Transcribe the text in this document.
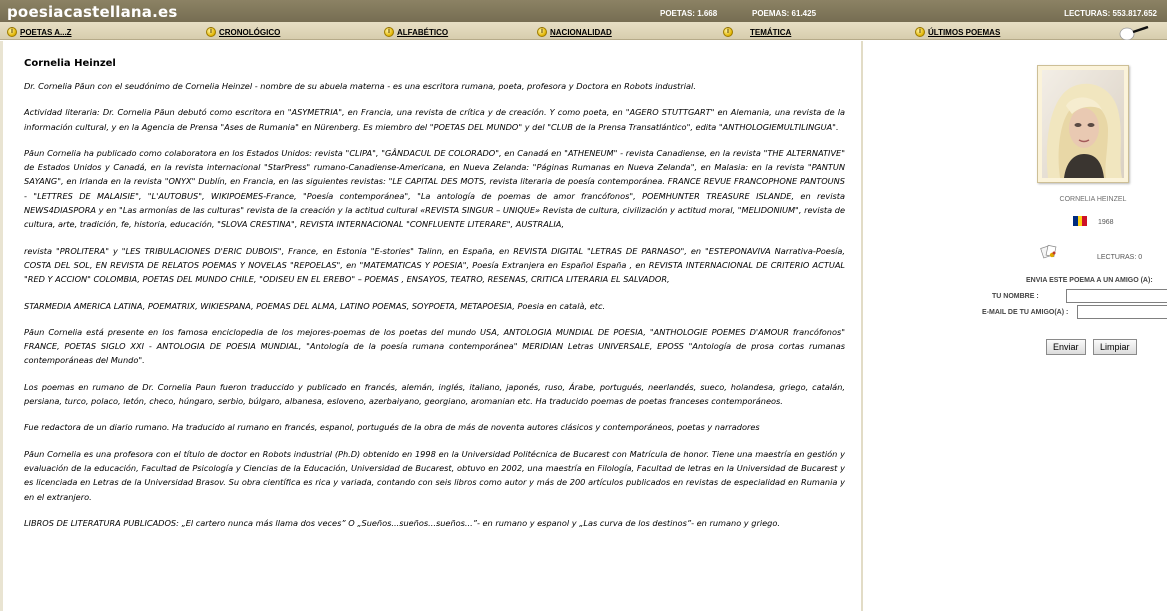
poesiacastellana.es	POETAS: 1.668	POEMAS: 61.425	LECTURAS: 553.817.652
i POETAS A...Z	i CRONOLÓGICO	i ALFABÉTICO	i NACIONALIDAD	i	TEMÁTICA	i ÚLTIMOS POEMAS
Cornelia Heinzel

Dr. Cornelia Păun con el seudónimo de Cornelia Heinzel - nombre de su abuela materna - es una escritora rumana, poeta, profesora y Doctora en Robots industrial.

Actividad literaria: Dr. Cornelia Păun debutó como escritora en "ASYMETRIA", en Francia, una revista de crítica y de creación. Y como poeta, en "AGERO STUTTGART" en Alemania, una revista de la información cultural, y en la Agencia de Prensa "Ases de Rumania" en Nürenberg. Es miembro del "POETAS DEL MUNDO" y del "CLUB de la Prensa Transatlántico", edita "ANTHOLOGIEMULTILINGUA".

Păun Cornelia ha publicado como colaboratora en los Estados Unidos: revista "CLIPA", "GÂNDACUL DE COLORADO", en Canadá en "ATHENEUM" - revista Canadiense, en la revista "THE ALTERNATIVE" de Estados Unidos y Canadá, en la revista internacional "StarPress" rumano-Canadiense-Americana, en Nueva Zelanda: "Páginas Rumanas en Nueva Zelanda", en Malasia: en la revista "PANTUN SAYANG", en Irlanda en la revista "ONYX" Dublín, en Francia, en las siguientes revistas: "LE CAPITAL DES MOTS, revista literaria de poesía contemporánea. FRANCE REVUE FRANCOPHONE PANTOUNS - "LETTRES DE MALAISIE", "L'AUTOBUS", WIKIPOEMES-France, "Poesía contemporánea", "La antología de poemas de amor francófonos", POEMHUNTER TREASURE ISLANDE, en revista NEWS4DIASPORA y en "Las armonías de las culturas" revista de la creación y la actitud cultural «REVISTA SINGUR – UNIQUE» Revista de cultura, civilización y actitud moral, "MELIDONIUM", revista de cultura, arte, tradición, fe, historia, educación, "SLOVA CRESTINA", REVISTA INTERNACIONAL "CONFLUENTE LITERARE", AUSTRALIA,

revista "PROLITERA" y "LES TRIBULACIONES D'ERIC DUBOIS", France, en Estonia "E-stories" Talinn, en España, en REVISTA DIGITAL "LETRAS DE PARNASO", en "ESTEPONAVIVA Narrativa-Poesía, COSTA DEL SOL, EN REVISTA DE RELATOS POEMAS Y NOVELAS "REPOELAS", en "MATEMATICAS Y POESIA", Poesía Extranjera en Español España , en REVISTA INTERNACIONAL DE CRITERIO ACTUAL "RED Y ACCION" COLOMBIA, POETAS DEL MUNDO CHILE, "ODISEU EN EL EREBO" – POEMAS , ENSAYOS, TEATRO, RESENAS, CRITICA LITERARIA EL SALVADOR,

STARMEDIA AMERICA LATINA, POEMATRIX, WIKIESPANA, POEMAS DEL ALMA, LATINO POEMAS, SOYPOETA, METAPOESIA, Poesia en català, etc.

Păun Cornelia está presente en los famosa enciclopedia de los mejores-poemas de los poetas del mundo USA, ANTOLOGIA MUNDIAL DE POESIA, "ANTHOLOGIE POEMES D'AMOUR francófonos" FRANCE, POETAS SIGLO XXI - ANTOLOGIA DE POESIA MUNDIAL, "Antología de la poesía rumana contemporánea" MERIDIAN Letras UNIVERSALE, EPOSS "Antología de prosa cortas rumanas contemporáneas del Mundo".

Los poemas en rumano de Dr. Cornelia Paun fueron traduccido y publicado en francés, alemán, inglés, italiano, japonés, ruso, Árabe, portugués, neerlandés, sueco, holandesa, griego, catalán, persiana, turco, polaco, letón, checo, húngaro, serbio, búlgaro, albanesa, esloveno, azerbaiyano, georgiano, aromanian etc. Ha traducido poemas de poetas franceses contemporáneos.

Fue redactora de un diario rumano. Ha traducido al rumano en francés, espanol, portugués de la obra de más de noventa autores clásicos y contemporáneos, poetas y narradores

Păun Cornelia es una profesora con el título de doctor en Robots industrial (Ph.D) obtenido en 1998 en la Universidad Politécnica de Bucarest con Matrícula de honor. Tiene una maestría en gestión y evaluación de la educación, Facultad de Psicología y Ciencias de la Educación, Universidad de Bucarest, obtuvo en 2002, una maestría en Filología, Facultad de letras en la Universidad de Bucarest y es licenciada en Letras de la Universidad Brasov. Su obra científica es rica y variada, contando con seis libros como autor y más de 200 artículos publicados en revistas de especialidad en Rumania y en el extranjero.

LIBROS DE LITERATURA PUBLICADOS: „El cartero nunca más llama dos veces” O „Sueños...sueños...sueños...”- en rumano y espanol y „Las curva de los destinos”- en rumano y griego.

CORNELIA HEINZEL
1968
LECTURAS: 0
ENVIA ESTE POEMA A UN AMIGO (A):
TU NOMBRE :
E-MAIL DE TU AMIGO(A) :
Enviar	Limpiar
